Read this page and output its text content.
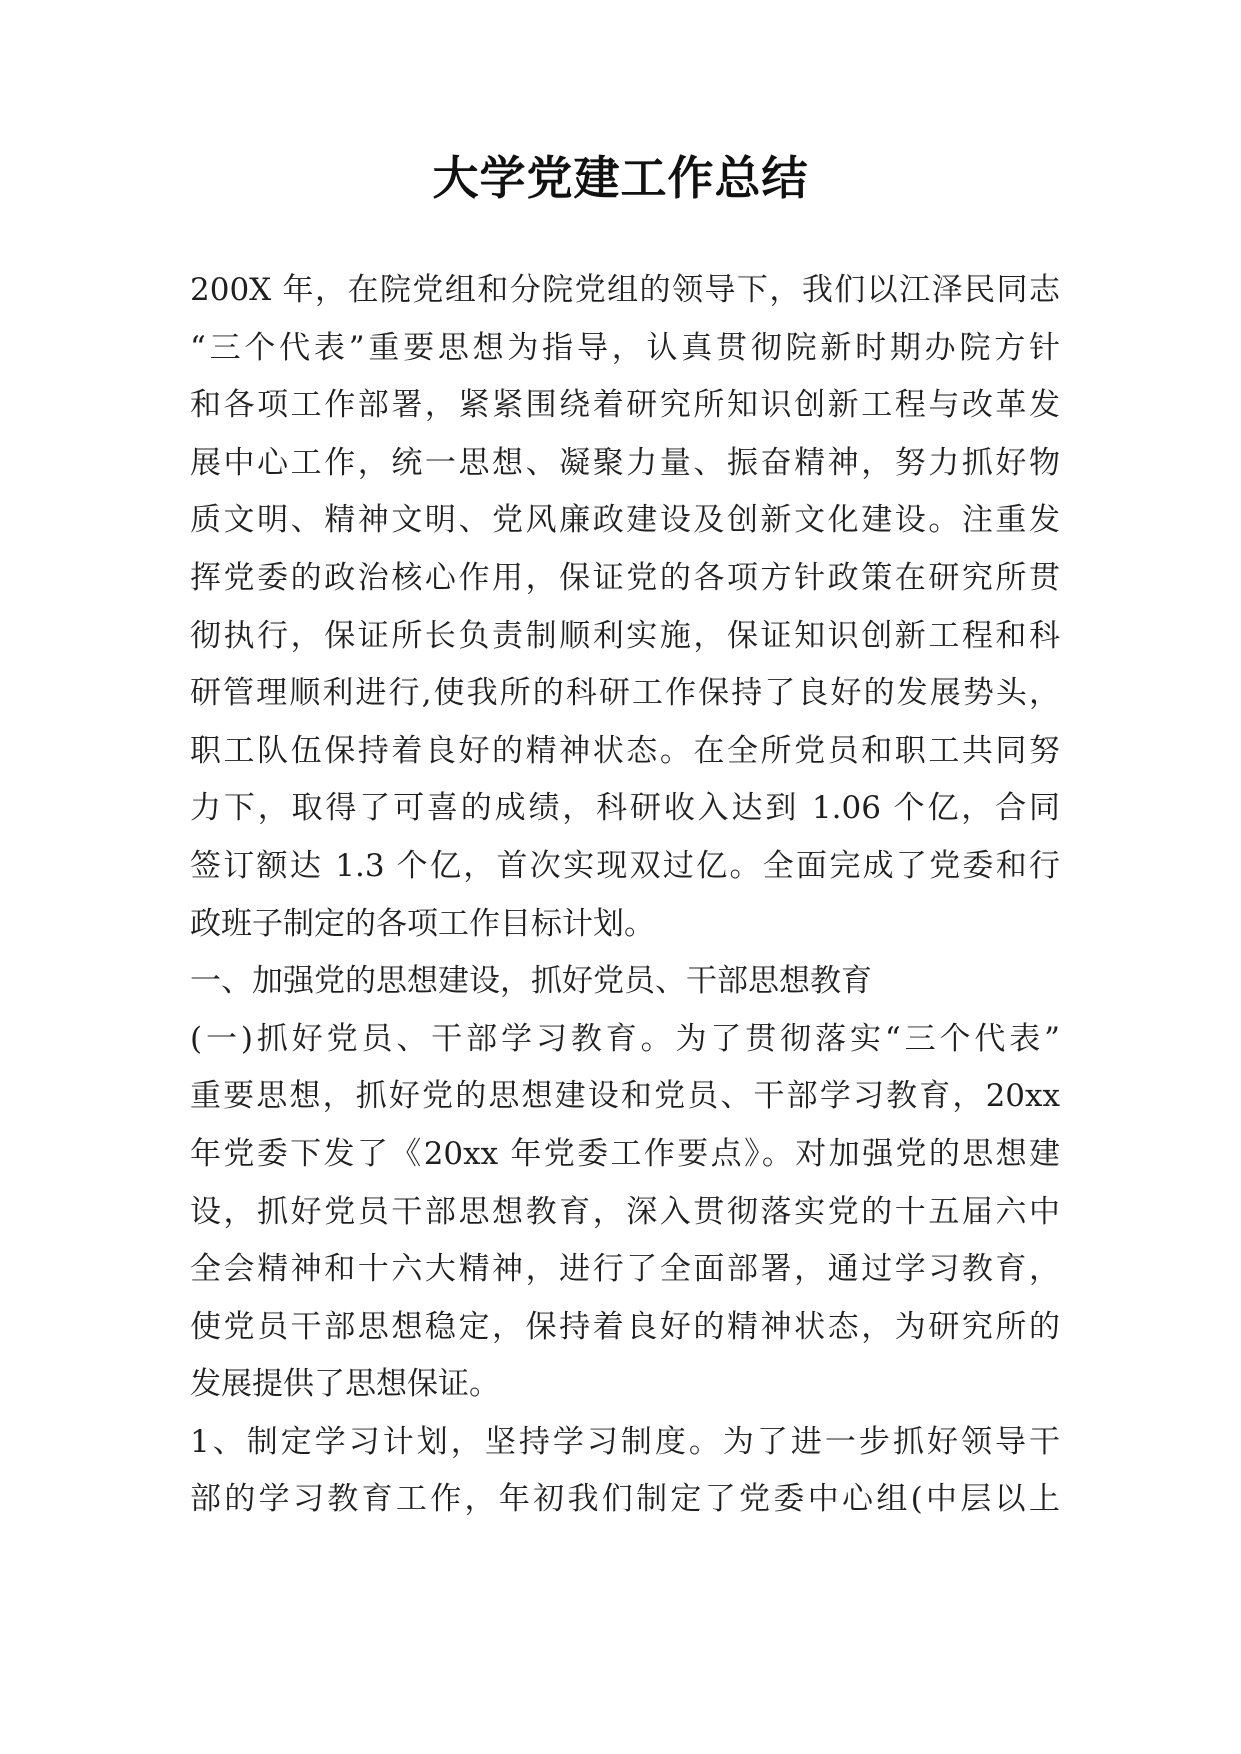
大学党建工作总结
200X 年，在院党组和分院党组的领导下，我们以江泽民同志
“三个代表”重要思想为指导，认真贯彻院新时期办院方针
和各项工作部署，紧紧围绕着研究所知识创新工程与改革发
展中心工作，统一思想、凝聚力量、振奋精神，努力抓好物
质文明、精神文明、党风廉政建设及创新文化建设。注重发
挥党委的政治核心作用，保证党的各项方针政策在研究所贯
彻执行，保证所长负责制顺利实施，保证知识创新工程和科
研管理顺利进行,使我所的科研工作保持了良好的发展势头，
职工队伍保持着良好的精神状态。在全所党员和职工共同努
力下，取得了可喜的成绩，科研收入达到 1.06 个亿，合同
签订额达 1.3 个亿，首次实现双过亿。全面完成了党委和行
政班子制定的各项工作目标计划。
一、加强党的思想建设，抓好党员、干部思想教育
(一)抓好党员、干部学习教育。为了贯彻落实“三个代表”
重要思想，抓好党的思想建设和党员、干部学习教育，20xx
年党委下发了《20xx 年党委工作要点》。对加强党的思想建
设，抓好党员干部思想教育，深入贯彻落实党的十五届六中
全会精神和十六大精神，进行了全面部署，通过学习教育，
使党员干部思想稳定，保持着良好的精神状态，为研究所的
发展提供了思想保证。
1、制定学习计划，坚持学习制度。为了进一步抓好领导干
部的学习教育工作，年初我们制定了党委中心组(中层以上
